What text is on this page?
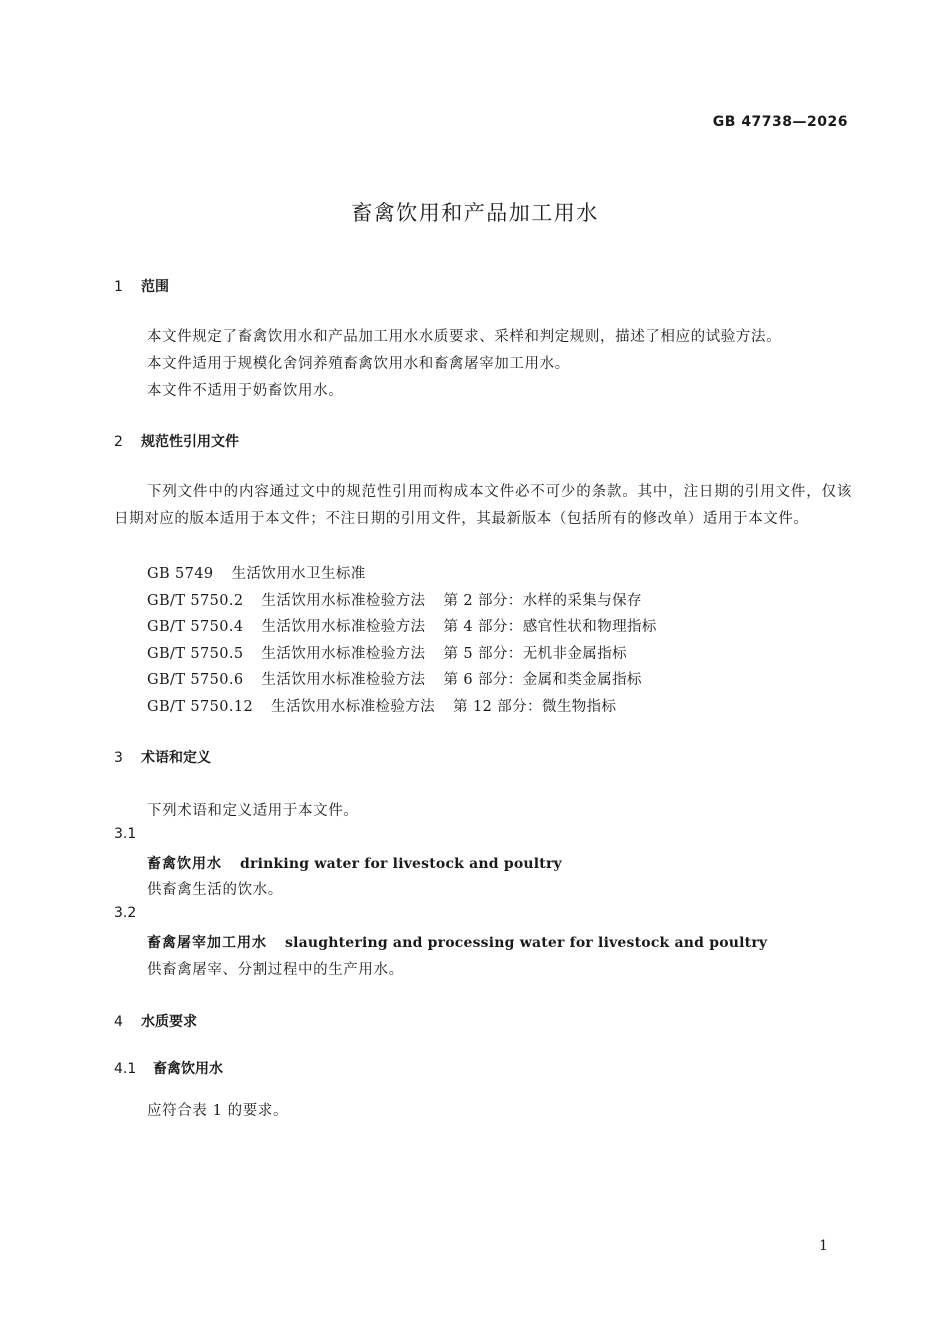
GB 47738—2026
畜禽饮用和产品加工用水
1 范围
本文件规定了畜禽饮用水和产品加工用水水质要求、采样和判定规则，描述了相应的试验方法。
本文件适用于规模化舍饲养殖畜禽饮用水和畜禽屠宰加工用水。
本文件不适用于奶畜饮用水。
2 规范性引用文件

下列文件中的内容通过文中的规范性引用而构成本文件必不可少的条款。其中，注日期的引用文件，仅该日期对应的版本适用于本文件；不注日期的引用文件，其最新版本（包括所有的修改单）适用于本文件。

GB 5749 生活饮用水卫生标准
GB/T 5750.2 生活饮用水标准检验方法 第 2 部分：水样的采集与保存
GB/T 5750.4 生活饮用水标准检验方法 第 4 部分：感官性状和物理指标
GB/T 5750.5 生活饮用水标准检验方法 第 5 部分：无机非金属指标
GB/T 5750.6 生活饮用水标准检验方法 第 6 部分：金属和类金属指标
GB/T 5750.12 生活饮用水标准检验方法 第 12 部分：微生物指标
3 术语和定义
下列术语和定义适用于本文件。
3.1
畜禽饮用水 drinking water for livestock and poultry
供畜禽生活的饮水。
3.2
畜禽屠宰加工用水 slaughtering and processing water for livestock and poultry
供畜禽屠宰、分割过程中的生产用水。
4 水质要求
4.1 畜禽饮用水
应符合表 1 的要求。
1
